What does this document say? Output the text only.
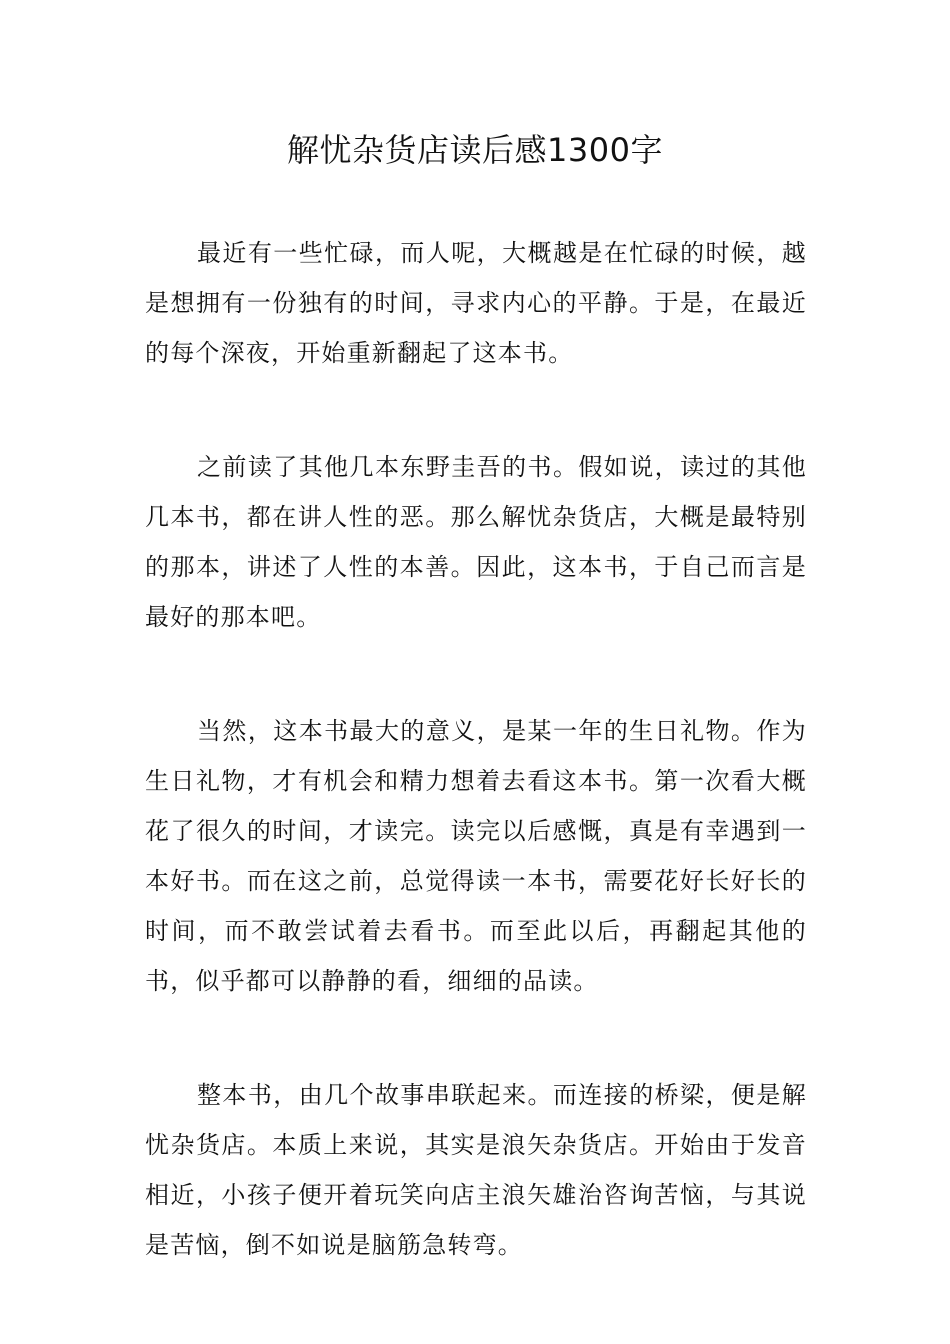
解忧杂货店读后感1300字

最近有一些忙碌，而人呢，大概越是在忙碌的时候，越是想拥有一份独有的时间，寻求内心的平静。于是，在最近的每个深夜，开始重新翻起了这本书。

之前读了其他几本东野圭吾的书。假如说，读过的其他几本书，都在讲人性的恶。那么解忧杂货店，大概是最特别的那本，讲述了人性的本善。因此，这本书，于自己而言是最好的那本吧。

当然，这本书最大的意义，是某一年的生日礼物。作为生日礼物，才有机会和精力想着去看这本书。第一次看大概花了很久的时间，才读完。读完以后感慨，真是有幸遇到一本好书。而在这之前，总觉得读一本书，需要花好长好长的时间，而不敢尝试着去看书。而至此以后，再翻起其他的书，似乎都可以静静的看，细细的品读。

整本书，由几个故事串联起来。而连接的桥梁，便是解忧杂货店。本质上来说，其实是浪矢杂货店。开始由于发音相近，小孩子便开着玩笑向店主浪矢雄治咨询苦恼，与其说是苦恼，倒不如说是脑筋急转弯。
